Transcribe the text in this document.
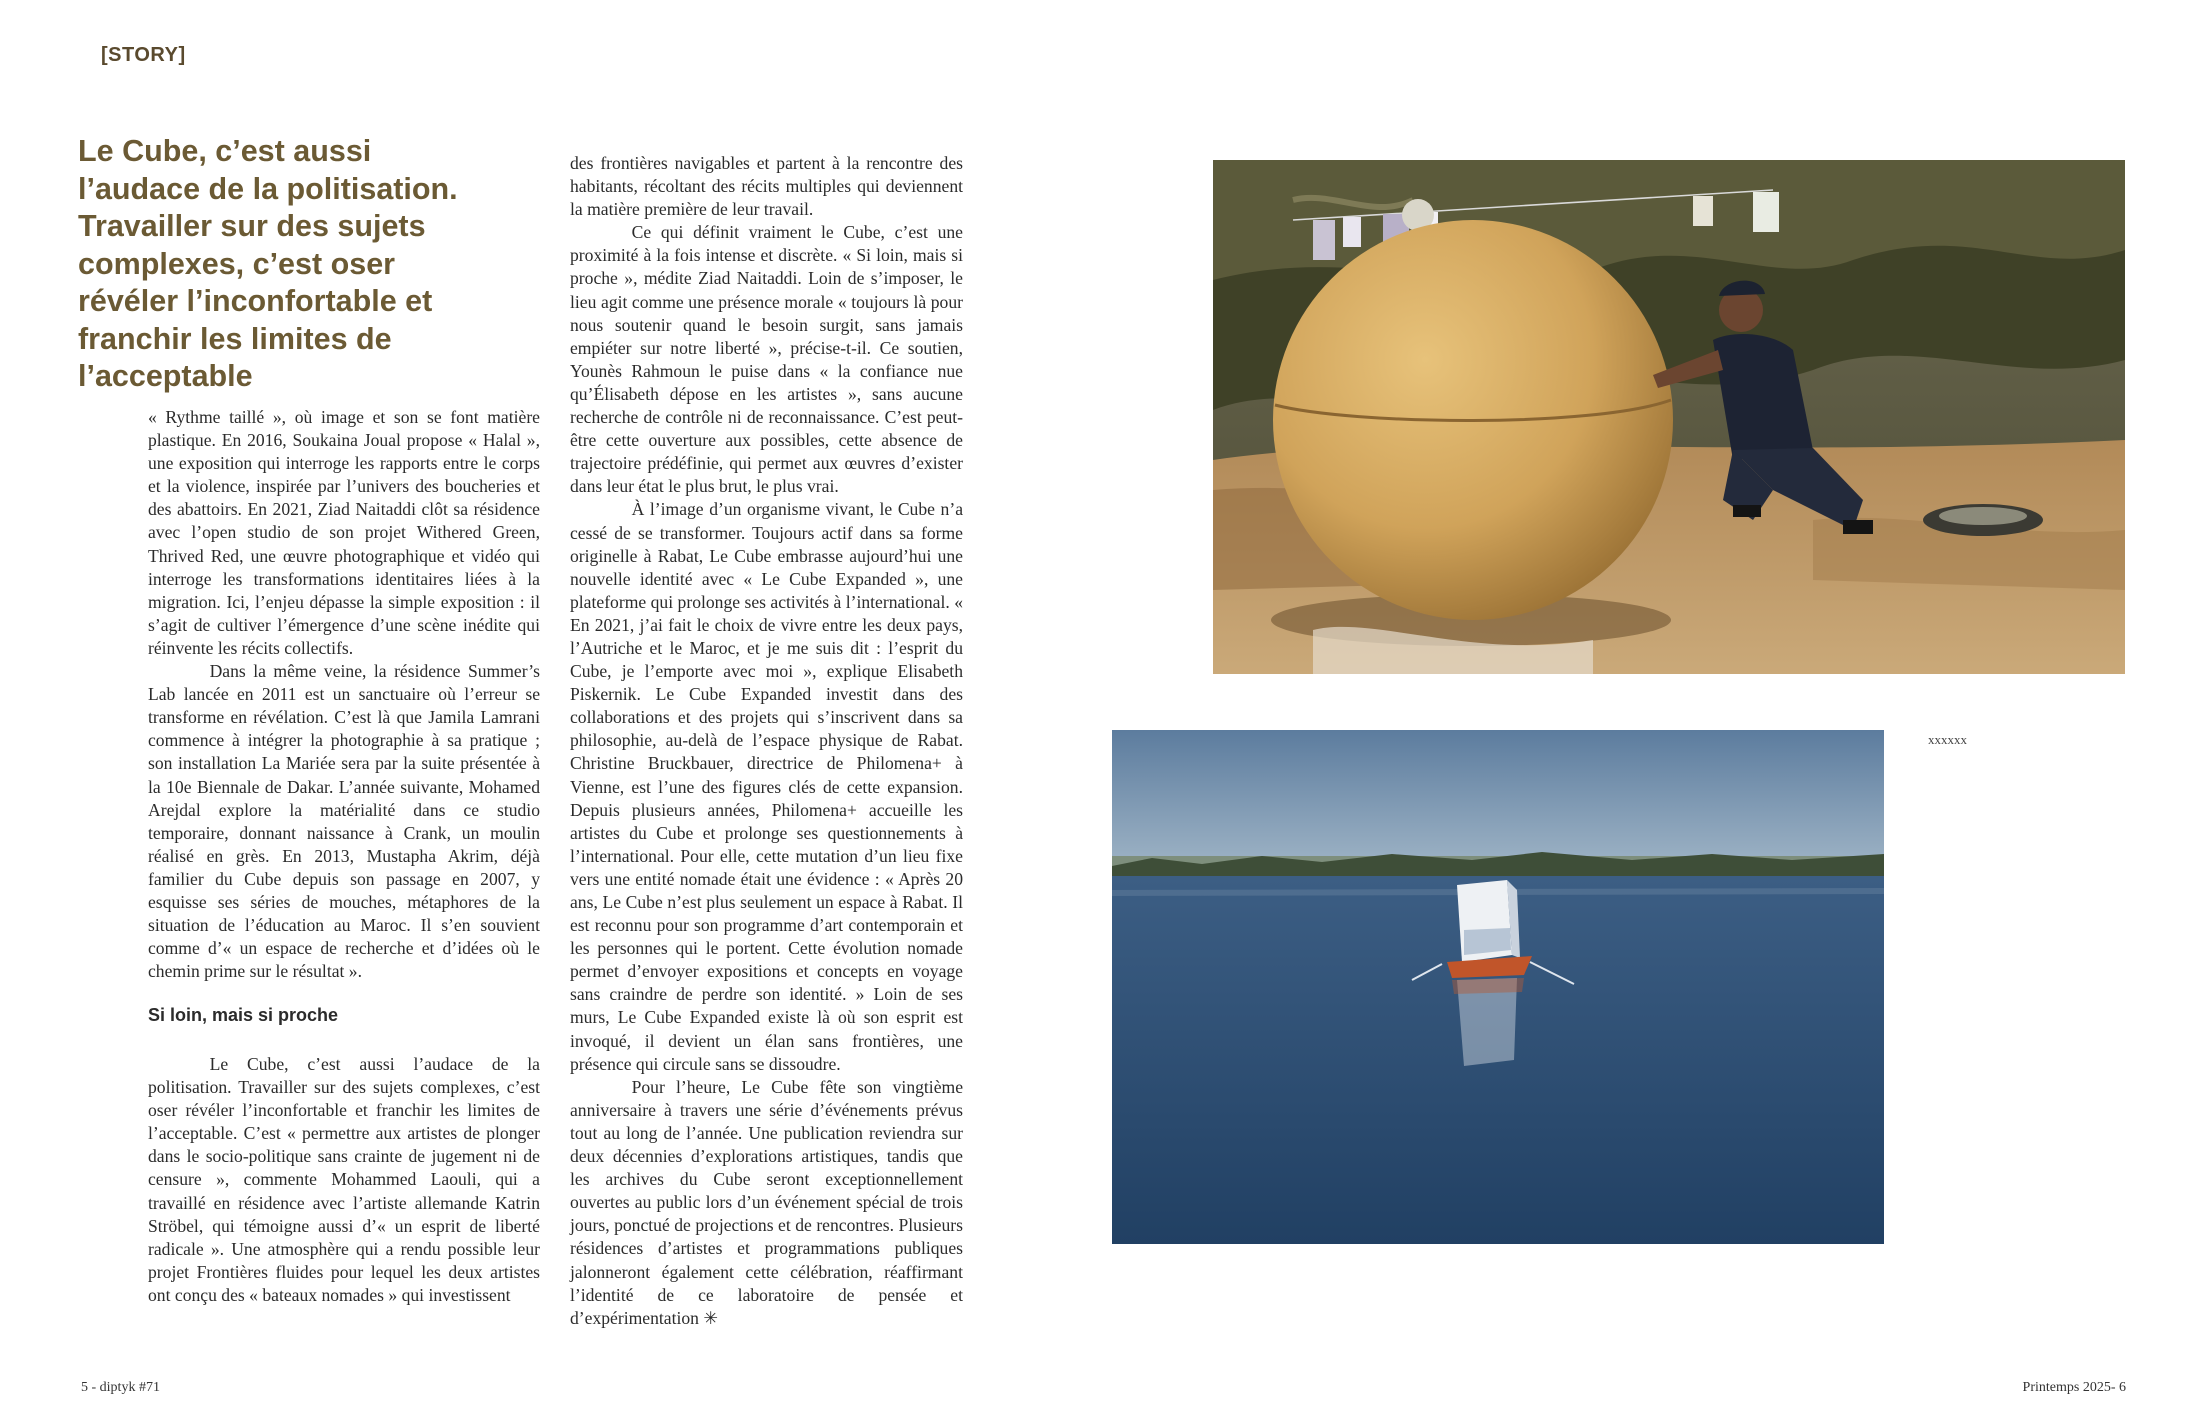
[STORY]
Le Cube, c’est aussi l’audace de la politisation. Travailler sur des sujets complexes, c’est oser révéler l’inconfortable et franchir les limites de l’acceptable

« Rythme taillé », où image et son se font matière plastique. En 2016, Soukaina Joual propose « Halal », une exposition qui interroge les rapports entre le corps et la violence, inspirée par l’univers des boucheries et des abattoirs. En 2021, Ziad Naitaddi clôt sa résidence avec l’open studio de son projet Withered Green, Thrived Red, une œuvre photographique et vidéo qui interroge les transformations identitaires liées à la migration. Ici, l’enjeu dépasse la simple exposition : il s’agit de cultiver l’émergence d’une scène inédite qui réinvente les récits collectifs.

Dans la même veine, la résidence Summer’s Lab lancée en 2011 est un sanctuaire où l’erreur se transforme en révélation. C’est là que Jamila Lamrani commence à intégrer la photographie à sa pratique ; son installation La Mariée sera par la suite présentée à la 10e Biennale de Dakar. L’année suivante, Mohamed Arejdal explore la matérialité dans ce studio temporaire, donnant naissance à Crank, un moulin réalisé en grès. En 2013, Mustapha Akrim, déjà familier du Cube depuis son passage en 2007, y esquisse ses séries de mouches, métaphores de la situation de l’éducation au Maroc. Il s’en souvient comme d’« un espace de recherche et d’idées où le chemin prime sur le résultat ».

Si loin, mais si proche

Le Cube, c’est aussi l’audace de la politisation. Travailler sur des sujets complexes, c’est oser révéler l’inconfortable et franchir les limites de l’acceptable. C’est « permettre aux artistes de plonger dans le socio-politique sans crainte de jugement ni de censure », commente Mohammed Laouli, qui a travaillé en résidence avec l’artiste allemande Katrin Ströbel, qui témoigne aussi d’« un esprit de liberté radicale ». Une atmosphère qui a rendu possible leur projet Frontières fluides pour lequel les deux artistes ont conçu des « bateaux nomades » qui investissent

des frontières navigables et partent à la rencontre des habitants, récoltant des récits multiples qui deviennent la matière première de leur travail.

Ce qui définit vraiment le Cube, c’est une proximité à la fois intense et discrète. « Si loin, mais si proche », médite Ziad Naitaddi. Loin de s’imposer, le lieu agit comme une présence morale « toujours là pour nous soutenir quand le besoin surgit, sans jamais empiéter sur notre liberté », précise-t-il. Ce soutien, Younès Rahmoun le puise dans « la confiance nue qu’Élisabeth dépose en les artistes », sans aucune recherche de contrôle ni de reconnaissance. C’est peut-être cette ouverture aux possibles, cette absence de trajectoire prédéfinie, qui permet aux œuvres d’exister dans leur état le plus brut, le plus vrai.

À l’image d’un organisme vivant, le Cube n’a cessé de se transformer. Toujours actif dans sa forme originelle à Rabat, Le Cube embrasse aujourd’hui une nouvelle identité avec « Le Cube Expanded », une plateforme qui prolonge ses activités à l’international. « En 2021, j’ai fait le choix de vivre entre les deux pays, l’Autriche et le Maroc, et je me suis dit : l’esprit du Cube, je l’emporte avec moi », explique Elisabeth Piskernik. Le Cube Expanded investit dans des collaborations et des projets qui s’inscrivent dans sa philosophie, au-delà de l’espace physique de Rabat. Christine Bruckbauer, directrice de Philomena+ à Vienne, est l’une des figures clés de cette expansion. Depuis plusieurs années, Philomena+ accueille les artistes du Cube et prolonge ses questionnements à l’international. Pour elle, cette mutation d’un lieu fixe vers une entité nomade était une évidence : « Après 20 ans, Le Cube n’est plus seulement un espace à Rabat. Il est reconnu pour son programme d’art contemporain et les personnes qui le portent. Cette évolution nomade permet d’envoyer expositions et concepts en voyage sans craindre de perdre son identité. » Loin de ses murs, Le Cube Expanded existe là où son esprit est invoqué, il devient un élan sans frontières, une présence qui circule sans se dissoudre.

Pour l’heure, Le Cube fête son vingtième anniversaire à travers une série d’événements prévus tout au long de l’année. Une publication reviendra sur deux décennies d’explorations artistiques, tandis que les archives du Cube seront exceptionnellement ouvertes au public lors d’un événement spécial de trois jours, ponctué de projections et de rencontres. Plusieurs résidences d’artistes et programmations publiques jalonneront également cette célébration, réaffirmant l’identité de ce laboratoire de pensée et d’expérimentation ✳

xxxxxx
5 - diptyk #71	Printemps 2025- 6
